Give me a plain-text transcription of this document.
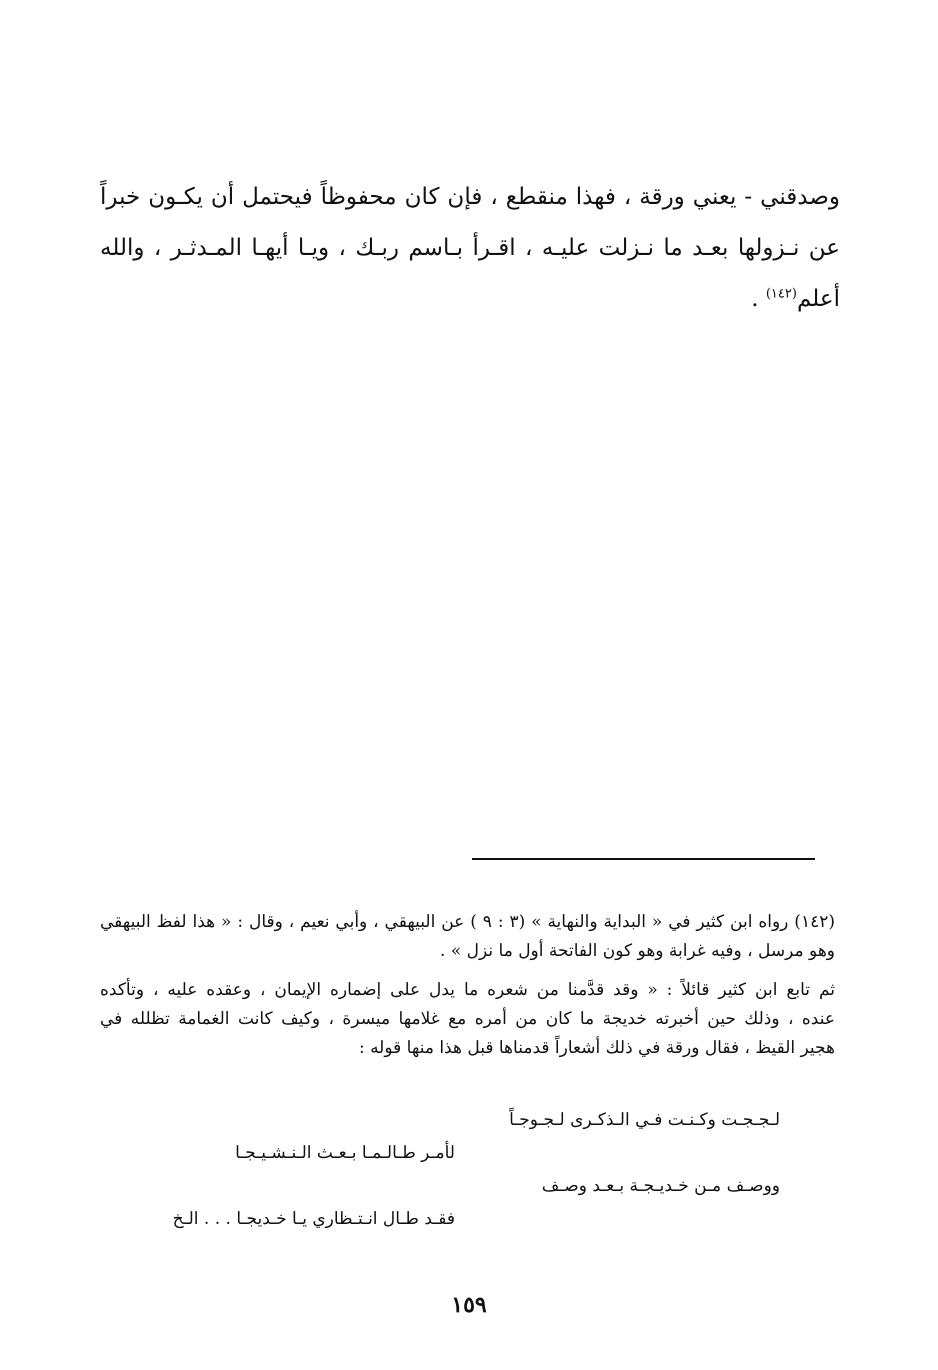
وصدقني - يعني ورقة ، فهذا منقطع ، فإن كان محفوظاً فيحتمل أن يكـون خبراً
عن نـزولها بعـد ما نـزلت عليـه ، اقـرأ بـاسم ربـك ، ويـا أيهـا المـدثـر ، والله
أعلم$^{(١٤٢)}$ .
(١٤٢) رواه ابن كثير في « البداية والنهاية » (٣ : ٩ ) عن البيهقي ، وأبي نعيم ، وقال : « هذا لفظ البيهقي
وهو مرسل ، وفيه غرابة وهو كون الفاتحة أول ما نزل » .
ثم تابع ابن كثير قائلاً : « وقد قدَّمنا من شعره ما يدل على إضماره الإيمان ، وعقده عليه ، وتأكده
عنده ، وذلك حين أخبرته خديجة ما كان من أمره مع غلامها ميسرة ، وكيف كانت الغمامة تظلله في
هجير القيظ ، فقال ورقة في ذلك أشعاراً قدمناها قبل هذا منها قوله :
لـجـجـت وكـنـت فـي الـذكـرى لـجـوجـاً
لأمـر طـالـمـا بـعـث الـنـشـيـجـا
ووصـف مـن خـديـجـة بـعـد وصـف
فقـد طـال انـتـظاري يـا خـديجـا . . . الـخ
١٥٩
